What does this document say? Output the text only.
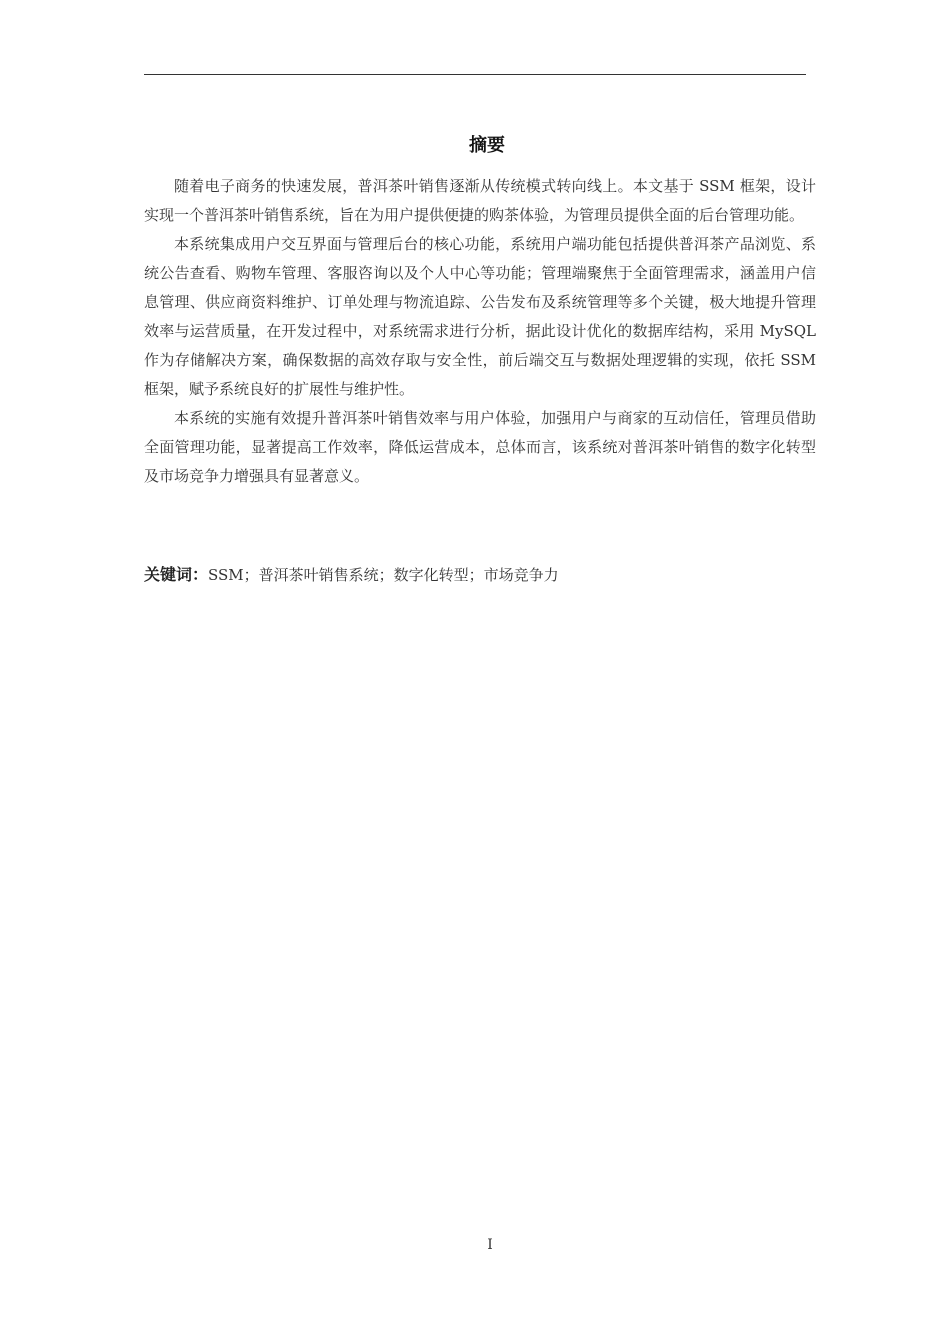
摘要

随着电子商务的快速发展，普洱茶叶销售逐渐从传统模式转向线上。本文基于 SSM 框架，设计实现一个普洱茶叶销售系统，旨在为用户提供便捷的购茶体验，为管理员提供全面的后台管理功能。

本系统集成用户交互界面与管理后台的核心功能，系统用户端功能包括提供普洱茶产品浏览、系统公告查看、购物车管理、客服咨询以及个人中心等功能；管理端聚焦于全面管理需求，涵盖用户信息管理、供应商资料维护、订单处理与物流追踪、公告发布及系统管理等多个关键，极大地提升管理效率与运营质量，在开发过程中，对系统需求进行分析，据此设计优化的数据库结构，采用 MySQL 作为存储解决方案，确保数据的高效存取与安全性，前后端交互与数据处理逻辑的实现，依托 SSM 框架，赋予系统良好的扩展性与维护性。

本系统的实施有效提升普洱茶叶销售效率与用户体验，加强用户与商家的互动信任，管理员借助全面管理功能，显著提高工作效率，降低运营成本，总体而言，该系统对普洱茶叶销售的数字化转型及市场竞争力增强具有显著意义。

关键词：SSM；普洱茶叶销售系统；数字化转型；市场竞争力
I
